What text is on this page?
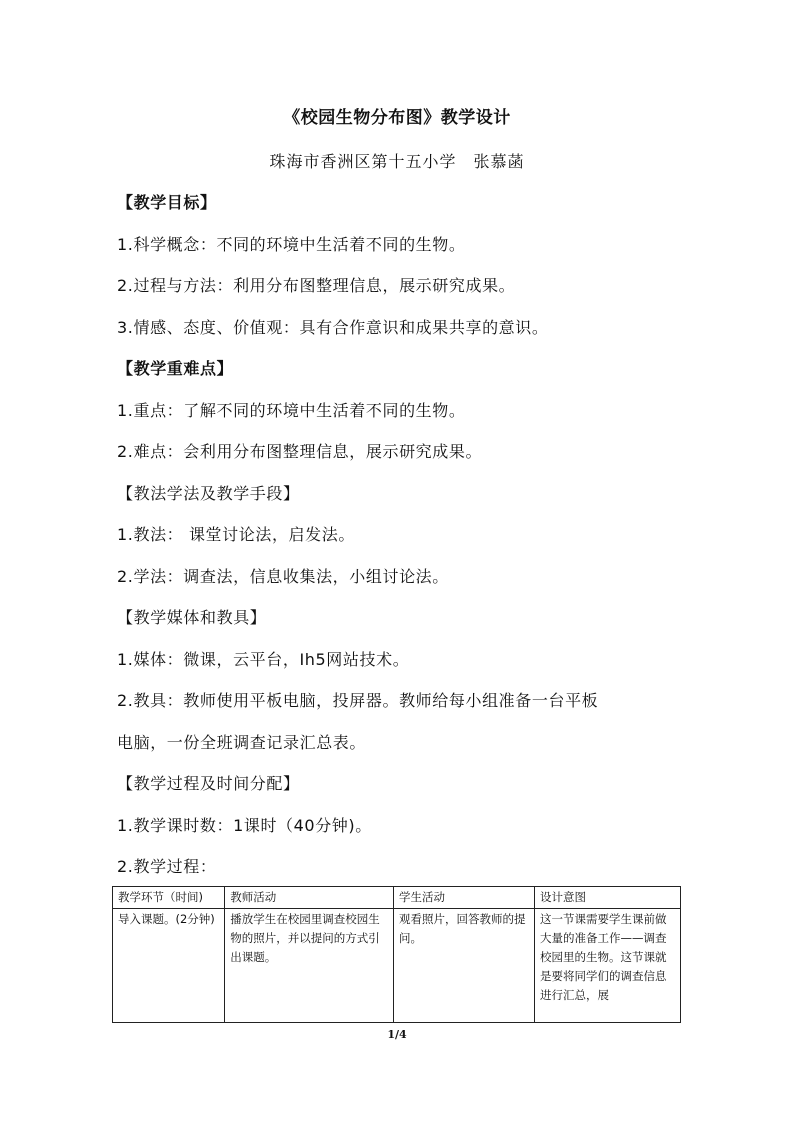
《校园生物分布图》教学设计
珠海市香洲区第十五小学　张慕菡
【教学目标】
1.科学概念：不同的环境中生活着不同的生物。
2.过程与方法：利用分布图整理信息，展示研究成果。
3.情感、态度、价值观：具有合作意识和成果共享的意识。
【教学重难点】
1.重点：了解不同的环境中生活着不同的生物。
2.难点：会利用分布图整理信息，展示研究成果。
【教法学法及教学手段】
1.教法： 课堂讨论法，启发法。
2.学法：调查法，信息收集法，小组讨论法。
【教学媒体和教具】
1.媒体：微课，云平台，Ih5网站技术。
2.教具：教师使用平板电脑，投屏器。教师给每小组准备一台平板
电脑，一份全班调查记录汇总表。
【教学过程及时间分配】
1.教学课时数：1课时（40分钟)。
2.教学过程：
教学环节（时间)	教师活动	学生活动	设计意图
导入课题。(2分钟)	播放学生在校园里调查校园生物的照片，并以提问的方式引出课题。	观看照片，回答教师的提问。	这一节课需要学生课前做大量的准备工作——调查校园里的生物。这节课就是要将同学们的调查信息进行汇总，展
1/4
